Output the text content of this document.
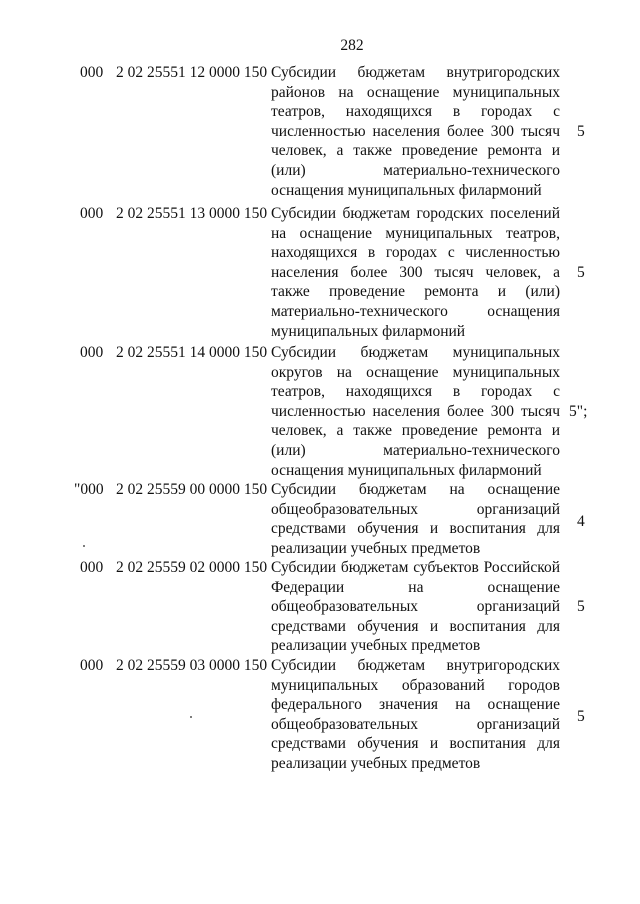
282
000 2 02 25551 12 0000 150 Субсидии бюджетам внутригородских районов на оснащение муниципальных театров, находящихся в городах с численностью населения более 300 тысяч человек, а также проведение ремонта и (или) материально-технического оснащения муниципальных филармоний
5
000 2 02 25551 13 0000 150 Субсидии бюджетам городских поселений на оснащение муниципальных театров, находящихся в городах с численностью населения более 300 тысяч человек, а также проведение ремонта и (или) материально-технического оснащения муниципальных филармоний
5
000 2 02 25551 14 0000 150 Субсидии бюджетам муниципальных округов на оснащение муниципальных театров, находящихся в городах с численностью населения более 300 тысяч человек, а также проведение ремонта и (или) материально-технического оснащения муниципальных филармоний
5";
"000 2 02 25559 00 0000 150 Субсидии бюджетам на оснащение общеобразовательных организаций средствами обучения и воспитания для реализации учебных предметов
4
000 2 02 25559 02 0000 150 Субсидии бюджетам субъектов Российской Федерации на оснащение общеобразовательных организаций средствами обучения и воспитания для реализации учебных предметов
5
000 2 02 25559 03 0000 150 Субсидии бюджетам внутригородских муниципальных образований городов федерального значения на оснащение общеобразовательных организаций средствами обучения и воспитания для реализации учебных предметов
5
